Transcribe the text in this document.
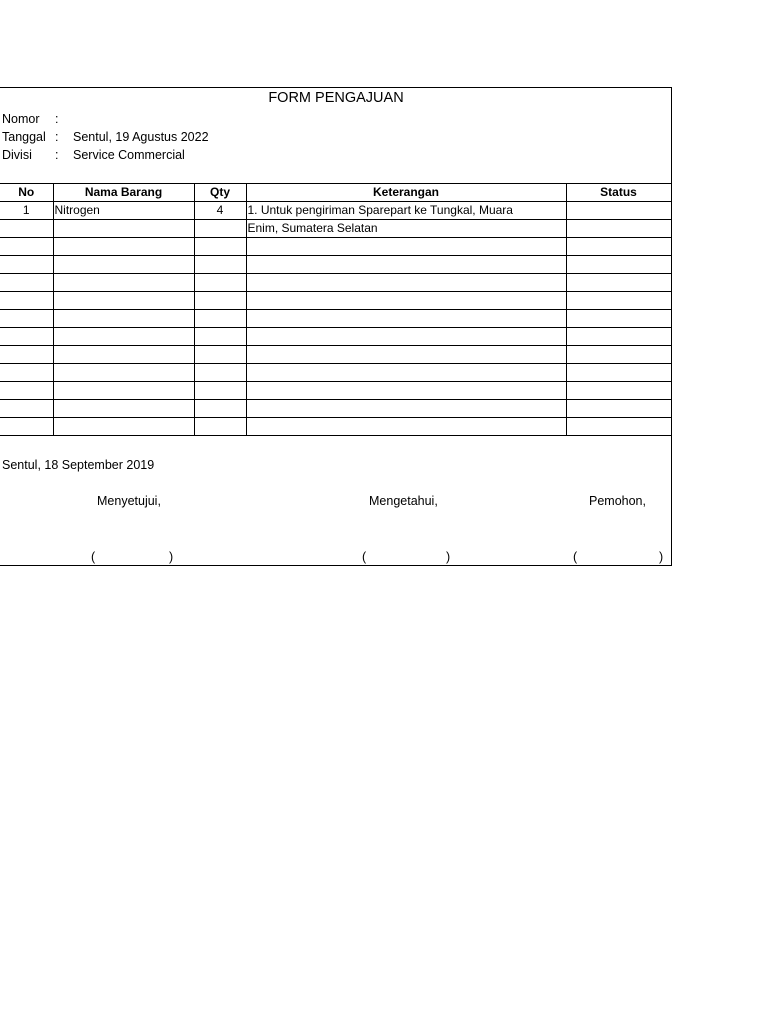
FORM PENGAJUAN
Nomor :
Tanggal : Sentul, 19 Agustus 2022
Divisi : Service Commercial
No	Nama Barang	Qty	Keterangan	Status
1	Nitrogen	4	1. Untuk pengiriman Sparepart ke Tungkal, Muara	
			Enim, Sumatera Selatan	

Sentul, 18 September 2019
Menyetujui,	Mengetahui,	Pemohon,
(	)	(	)	(	)
